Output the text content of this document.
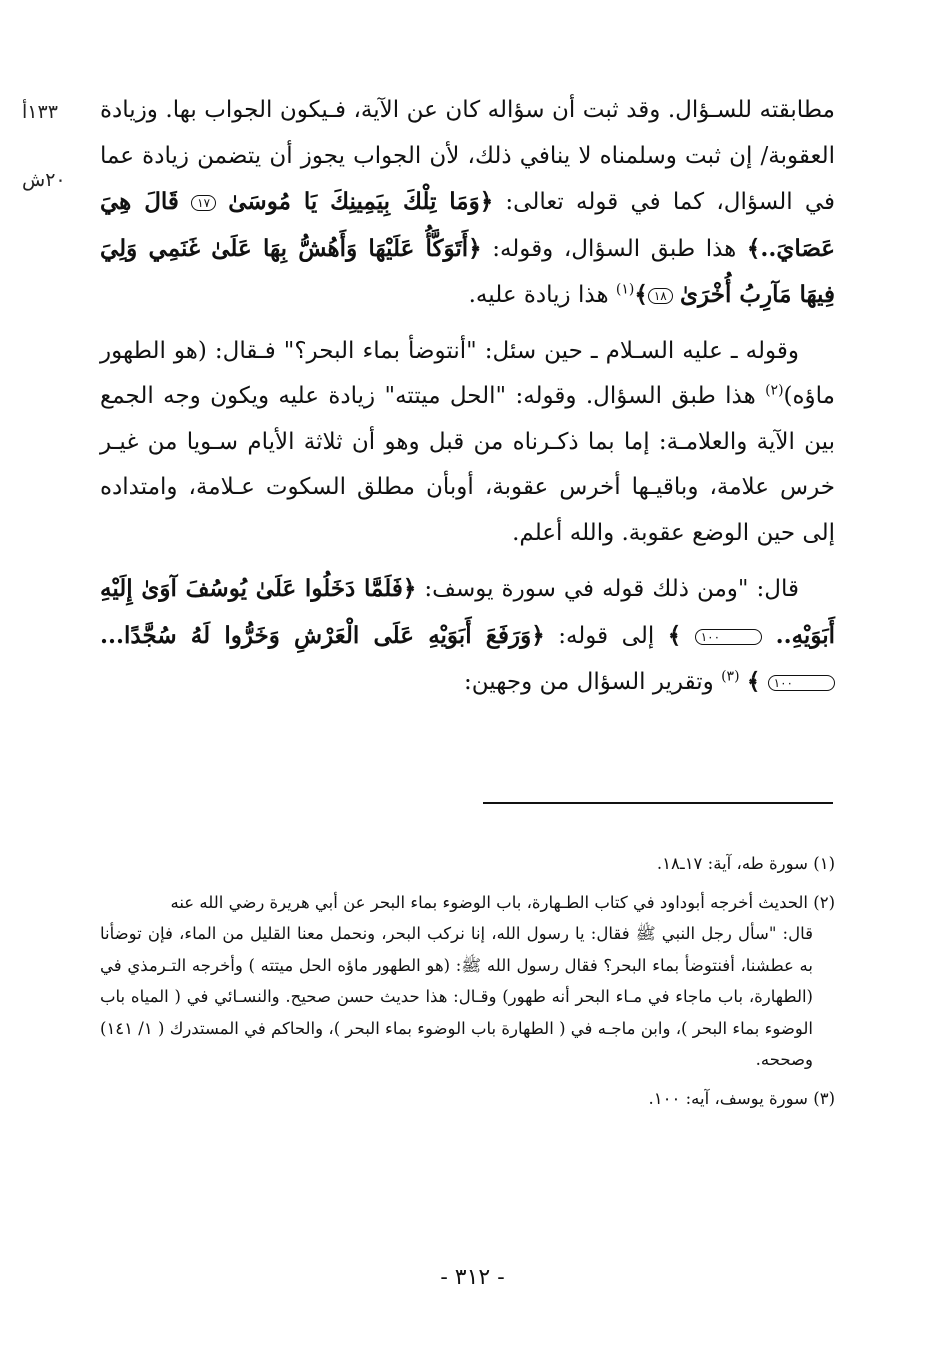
١٣٣أ
٢٠ش

مطابقته للسـؤال. وقد ثبت أن سؤاله كان عن الآية، فـيكون الجواب بها. وزيادة العقوبة/ إن ثبت وسلمناه لا ينافي ذلك، لأن الجواب يجوز أن يتضمن زيادة عما في السؤال، كما في قوله تعالى: ﴿وَمَا تِلْكَ بِيَمِينِكَ يَا مُوسَىٰ ١٧ قَالَ هِيَ عَصَايَ..﴾ هذا طبق السؤال، وقوله: ﴿أَتَوَكَّأُ عَلَيْهَا وَأَهُشُّ بِهَا عَلَىٰ غَنَمِي وَلِيَ فِيهَا مَآرِبُ أُخْرَىٰ ١٨﴾$^{(١)}$ هذا زيادة عليه.

وقوله ـ عليه السـلام ـ حين سئل: "أنتوضأ بماء البحر؟" فـقال: (هو الطهور ماؤه)$^{(٢)}$ هذا طبق السؤال. وقوله: "الحل ميتته" زيادة عليه ويكون وجه الجمع بين الآية والعلامـة: إما بما ذكـرناه من قبل وهو أن ثلاثة الأيام سـويا من غيـر خرس علامة، وباقيـها أخرس عقوبة، أوبأن مطلق السكوت عـلامة، وامتداده إلى حين الوضع عقوبة. والله أعلم.

قال: "ومن ذلك قوله في سورة يوسف: ﴿فَلَمَّا دَخَلُوا عَلَىٰ يُوسُفَ آوَىٰ إِلَيْهِ أَبَوَيْهِ.. ١٠٠ ﴾ إلى قوله: ﴿وَرَفَعَ أَبَوَيْهِ عَلَى الْعَرْشِ وَخَرُّوا لَهُ سُجَّدًا... ١٠٠ ﴾ $^{(٣)}$ وتقرير السؤال من وجهين:

(١) سورة طه، آية: ١٧ـ١٨.

(٢) الحديث أخرجه أبوداود في كتاب الطـهارة، باب الوضوء بماء البحر عن أبي هريرة رضي الله عنه

قال: "سأل رجل النبي ﷺ فقال: يا رسول الله، إنا نركب البحر، ونحمل معنا القليل من الماء، فإن توضأنا به عطشنا، أفنتوضأ بماء البحر؟ فقال رسول الله ﷺ: (هو الطهور ماؤه الحل ميتته ) وأخرجه التـرمذي في (الطهارة، باب ماجاء في مـاء البحر أنه طهور) وقـال: هذا حديث حسن صحيح. والنسـائي في ( المياه باب الوضوء بماء البحر )، وابن ماجـه في ( الطهارة باب الوضوء بماء البحر )، والحاكم في المستدرك ( ١/ ١٤١) وصححه.

(٣) سورة يوسف، آيه: ١٠٠.

- ٣١٢ -
